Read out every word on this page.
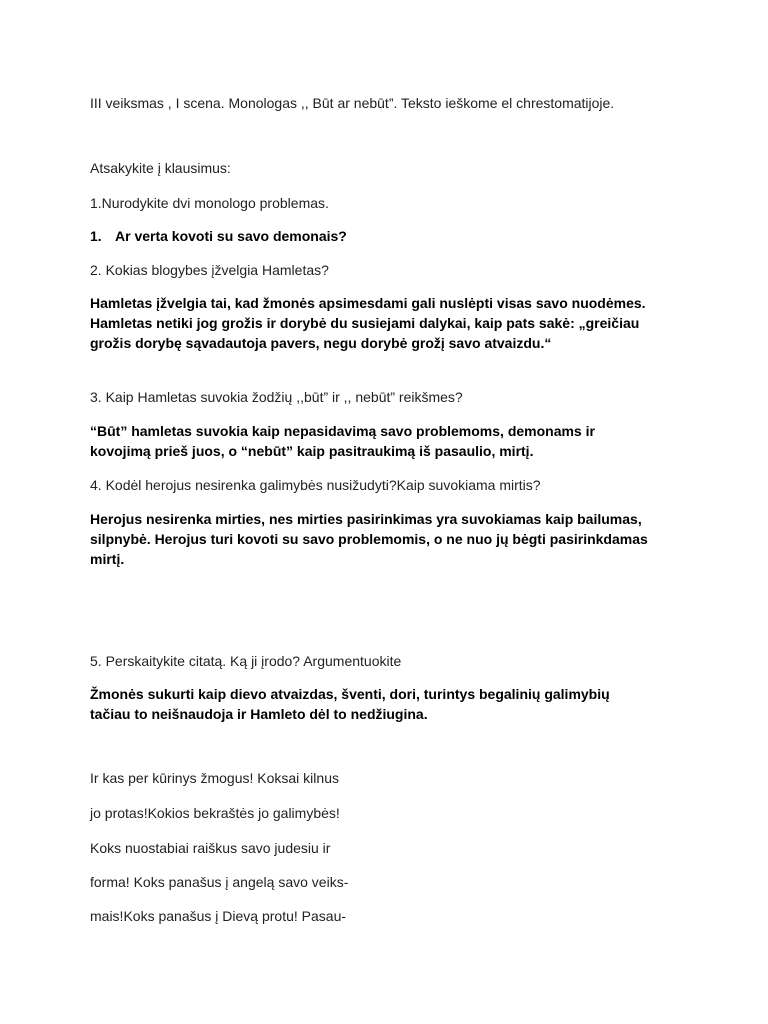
III veiksmas , I scena. Monologas ,, Būt ar nebūt”. Teksto ieškome el chrestomatijoje.
Atsakykite į klausimus:
1.Nurodykite dvi monologo problemas.
1. Ar verta kovoti su savo demonais?
2. Kokias blogybes įžvelgia Hamletas?
Hamletas įžvelgia tai, kad žmonės apsimesdami gali nuslėpti visas savo nuodėmes. Hamletas netiki jog grožis ir dorybė du susiejami dalykai, kaip pats sakė: „greičiau grožis dorybę sąvadautoja pavers, negu dorybė grožį savo atvaizdu.“
3. Kaip Hamletas suvokia žodžių ,,būt” ir ,, nebūt” reikšmes?
“Būt” hamletas suvokia kaip nepasidavimą savo problemoms, demonams ir kovojimą prieš juos, o “nebūt” kaip pasitraukimą iš pasaulio, mirtį.
4. Kodėl herojus nesirenka galimybės nusižudyti?Kaip suvokiama mirtis?
Herojus nesirenka mirties, nes mirties pasirinkimas yra suvokiamas kaip bailumas, silpnybė. Herojus turi kovoti su savo problemomis, o ne nuo jų bėgti pasirinkdamas mirtį.
5. Perskaitykite citatą. Ką ji įrodo? Argumentuokite
Žmonės sukurti kaip dievo atvaizdas, šventi, dori, turintys begalinių galimybių tačiau to neišnaudoja ir Hamleto dėl to nedžiugina.
Ir kas per kūrinys žmogus! Koksai kilnus
jo protas!Kokios bekraštės jo galimybės!
Koks nuostabiai raiškus savo judesiu ir
forma! Koks panašus į angelą savo veiks-
mais!Koks panašus į Dievą protu! Pasau-
